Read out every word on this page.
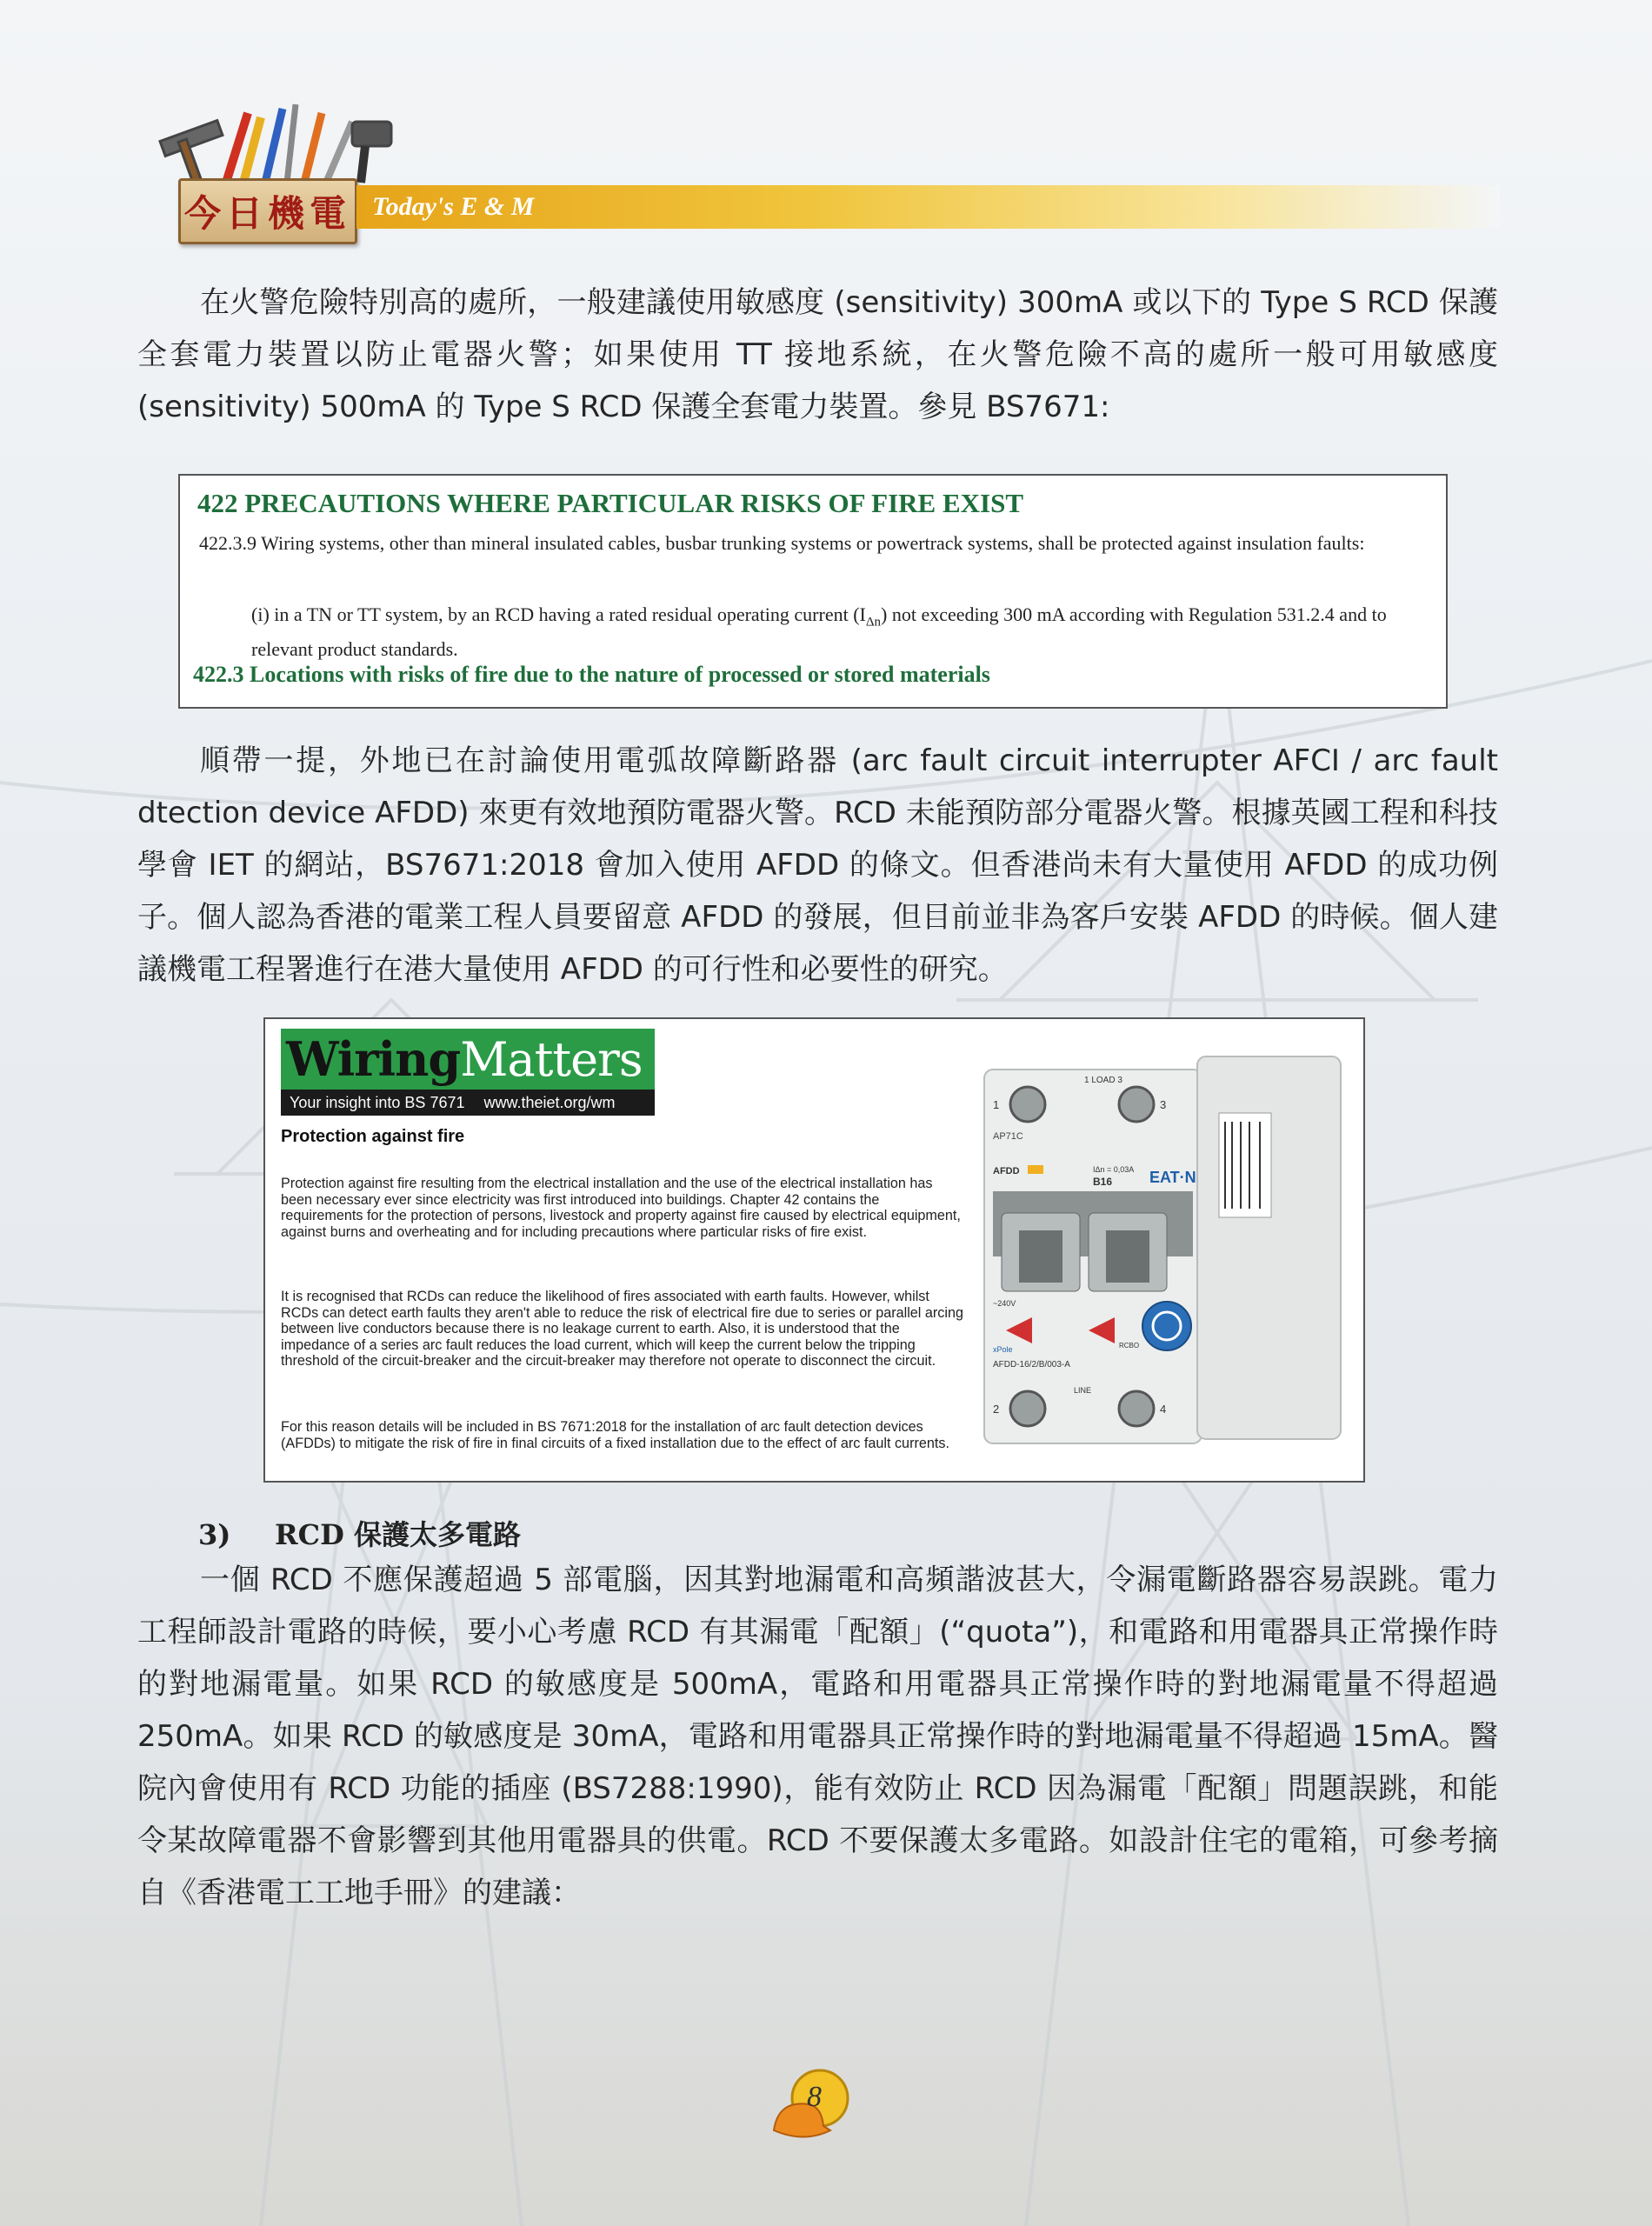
今日機電 Today's E & M

在火警危險特別高的處所，一般建議使用敏感度 (sensitivity) 300mA 或以下的 Type S RCD 保護全套電力裝置以防止電器火警；如果使用 TT 接地系統，在火警危險不高的處所一般可用敏感度 (sensitivity) 500mA 的 Type S RCD 保護全套電力裝置。參見 BS7671:

422 PRECAUTIONS WHERE PARTICULAR RISKS OF FIRE EXIST
422.3.9 Wiring systems, other than mineral insulated cables, busbar trunking systems or powertrack systems, shall be protected against insulation faults:
(i) in a TN or TT system, by an RCD having a rated residual operating current $(I_{\Delta n})$ not exceeding 300 mA according with Regulation 531.2.4 and to relevant product standards.
422.3 Locations with risks of fire due to the nature of processed or stored materials

順帶一提，外地已在討論使用電弧故障斷路器 (arc fault circuit interrupter AFCI / arc fault dtection device AFDD) 來更有效地預防電器火警。RCD 未能預防部分電器火警。根據英國工程和科技學會 IET 的網站，BS7671:2018 會加入使用 AFDD 的條文。但香港尚未有大量使用 AFDD 的成功例子。個人認為香港的電業工程人員要留意 AFDD 的發展，但目前並非為客戶安裝 AFDD 的時候。個人建議機電工程署進行在港大量使用 AFDD 的可行性和必要性的研究。

Wiring Matters
Your insight into BS 7671 www.theiet.org/wm
Protection against fire

Protection against fire resulting from the electrical installation and the use of the electrical installation has been necessary ever since electricity was first introduced into buildings. Chapter 42 contains the requirements for the protection of persons, livestock and property against fire caused by electrical equipment, against burns and overheating and for including precautions where particular risks of fire exist.

It is recognised that RCDs can reduce the likelihood of fires associated with earth faults. However, whilst RCDs can detect earth faults they aren't able to reduce the risk of electrical fire due to series or parallel arcing between live conductors because there is no leakage current to earth. Also, it is understood that the impedance of a series arc fault reduces the load current, which will keep the current below the tripping threshold of the circuit-breaker and the circuit-breaker may therefore not operate to disconnect the circuit.

For this reason details will be included in BS 7671:2018 for the installation of arc fault detection devices (AFDDs) to mitigate the risk of fire in final circuits of a fixed installation due to the effect of arc fault currents.

1 LOAD 3
1	3
2	4
AP71C
AFDD	IΔn = 0,03A
B16 EAT·N
~240V
RCBO
xPole
AFDD-16/2/B/003-A
LINE
3) RCD 保護太多電路

一個 RCD 不應保護超過 5 部電腦，因其對地漏電和高頻諧波甚大，令漏電斷路器容易誤跳。電力工程師設計電路的時候，要小心考慮 RCD 有其漏電「配額」(“quota”)，和電路和用電器具正常操作時的對地漏電量。如果 RCD 的敏感度是 500mA，電路和用電器具正常操作時的對地漏電量不得超過 250mA。如果 RCD 的敏感度是 30mA，電路和用電器具正常操作時的對地漏電量不得超過 15mA。醫院內會使用有 RCD 功能的插座 (BS7288:1990)，能有效防止 RCD 因為漏電「配額」問題誤跳，和能令某故障電器不會影響到其他用電器具的供電。RCD 不要保護太多電路。如設計住宅的電箱，可參考摘自《香港電工工地手冊》的建議：

8
